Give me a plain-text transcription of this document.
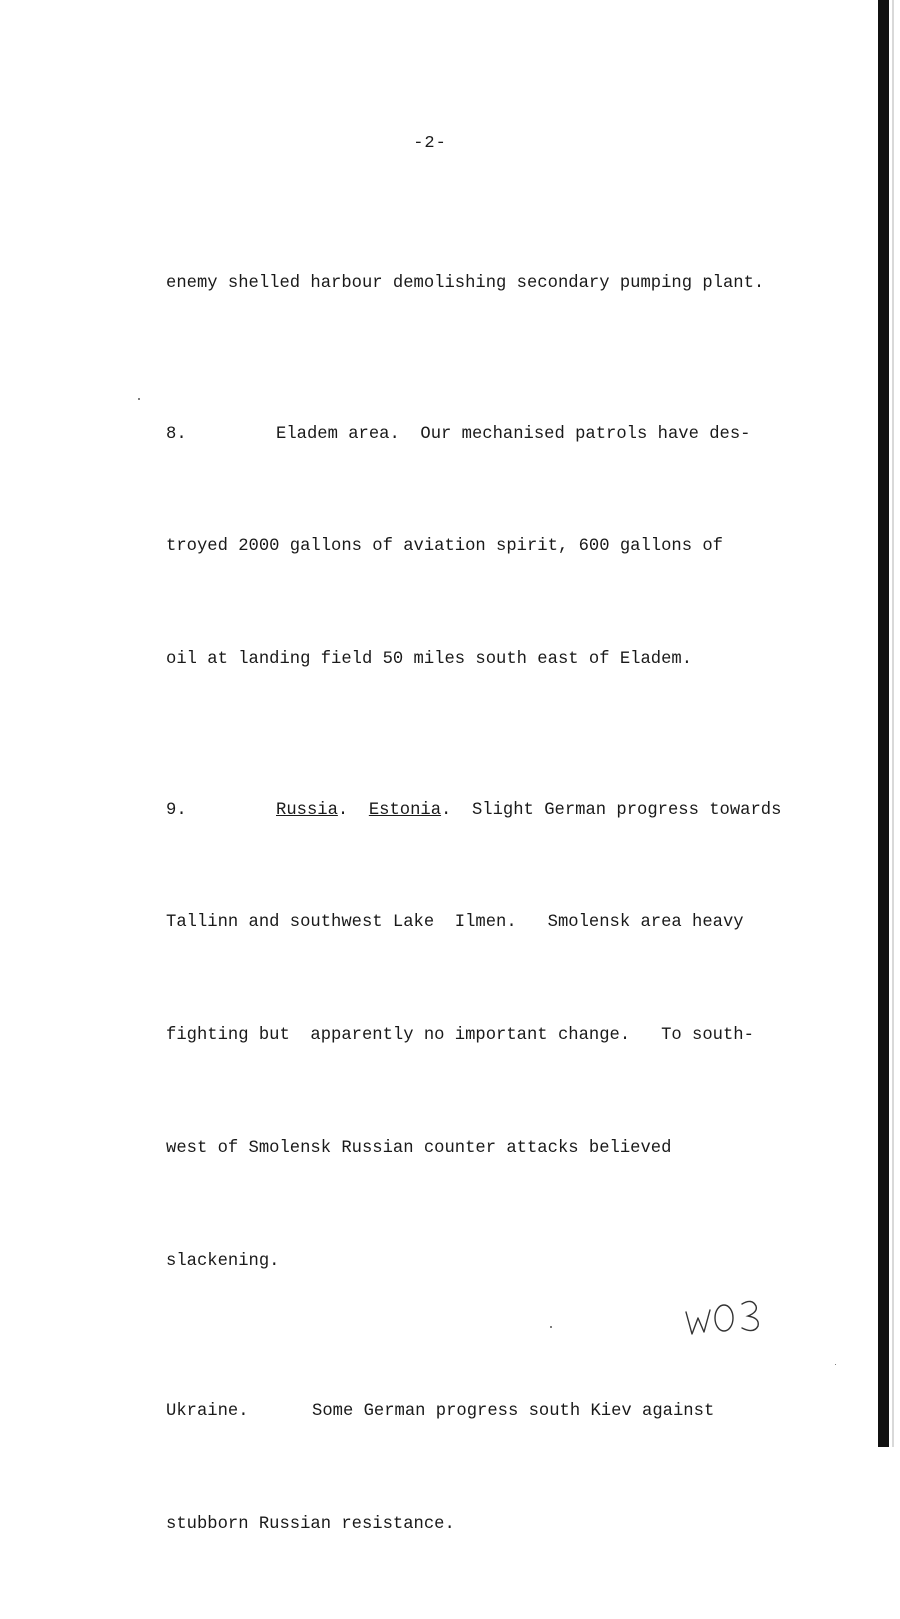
-2-

enemy shelled harbour demolishing secondary pumping plant.

8.	Eladem area.  Our mechanised patrols have des-

troyed 2000 gallons of aviation spirit, 600 gallons of

oil at landing field 50 miles south east of Eladem.

9.	Russia.  Estonia.  Slight German progress towards

Tallinn and southwest Lake  Ilmen.   Smolensk area heavy

fighting but  apparently no important change.   To south-

west of Smolensk Russian counter attacks believed

slackening.

Ukraine.	Some German progress south Kiev against

stubborn Russian resistance.
